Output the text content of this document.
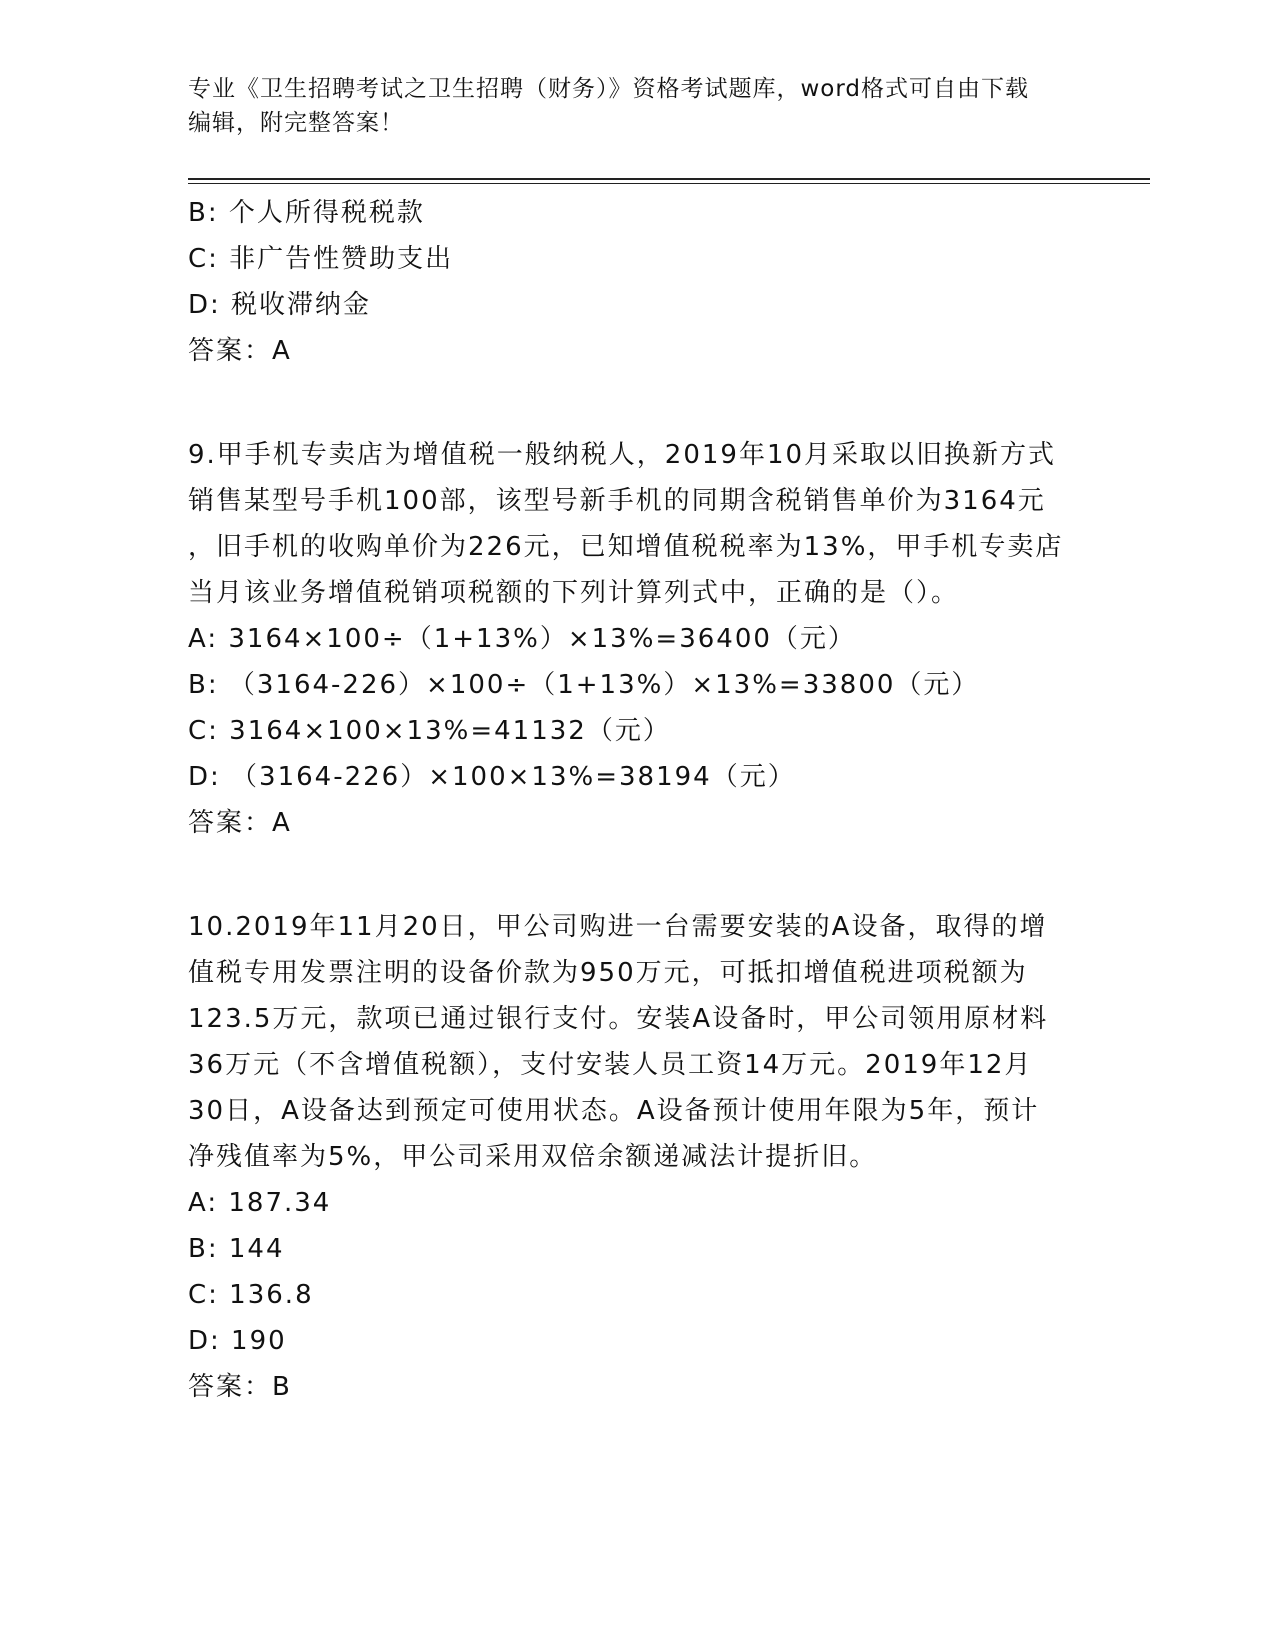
专业《卫生招聘考试之卫生招聘（财务）》资格考试题库，word格式可自由下载
编辑，附完整答案！
B: 个人所得税税款
C: 非广告性赞助支出
D: 税收滞纳金
答案：A
9.甲手机专卖店为增值税一般纳税人，2019年10月采取以旧换新方式
销售某型号手机100部，该型号新手机的同期含税销售单价为3164元
，旧手机的收购单价为226元，已知增值税税率为13%，甲手机专卖店
当月该业务增值税销项税额的下列计算列式中，正确的是（）。
A: 3164×100÷（1+13%）×13%=36400（元）
B: （3164-226）×100÷（1+13%）×13%=33800（元）
C: 3164×100×13%=41132（元）
D: （3164-226）×100×13%=38194（元）
答案：A
10.2019年11月20日，甲公司购进一台需要安装的A设备，取得的增
值税专用发票注明的设备价款为950万元，可抵扣增值税进项税额为
123.5万元，款项已通过银行支付。安装A设备时，甲公司领用原材料
36万元（不含增值税额），支付安装人员工资14万元。2019年12月
30日，A设备达到预定可使用状态。A设备预计使用年限为5年，预计
净残值率为5%，甲公司采用双倍余额递减法计提折旧。
A: 187.34
B: 144
C: 136.8
D: 190
答案：B
